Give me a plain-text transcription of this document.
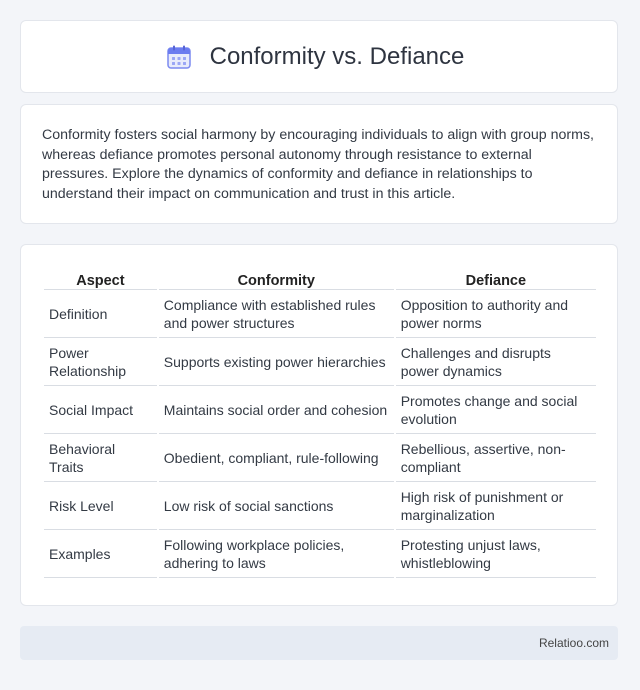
Conformity vs. Defiance

Conformity fosters social harmony by encouraging individuals to align with group norms, whereas defiance promotes personal autonomy through resistance to external pressures. Explore the dynamics of conformity and defiance in relationships to understand their impact on communication and trust in this article.

Aspect	Conformity	Defiance
Definition	Compliance with established rules and power structures	Opposition to authority and power norms
Power Relationship	Supports existing power hierarchies	Challenges and disrupts power dynamics
Social Impact	Maintains social order and cohesion	Promotes change and social evolution
Behavioral Traits	Obedient, compliant, rule-following	Rebellious, assertive, non-compliant
Risk Level	Low risk of social sanctions	High risk of punishment or marginalization
Examples	Following workplace policies, adhering to laws	Protesting unjust laws, whistleblowing
Relatioo.com
